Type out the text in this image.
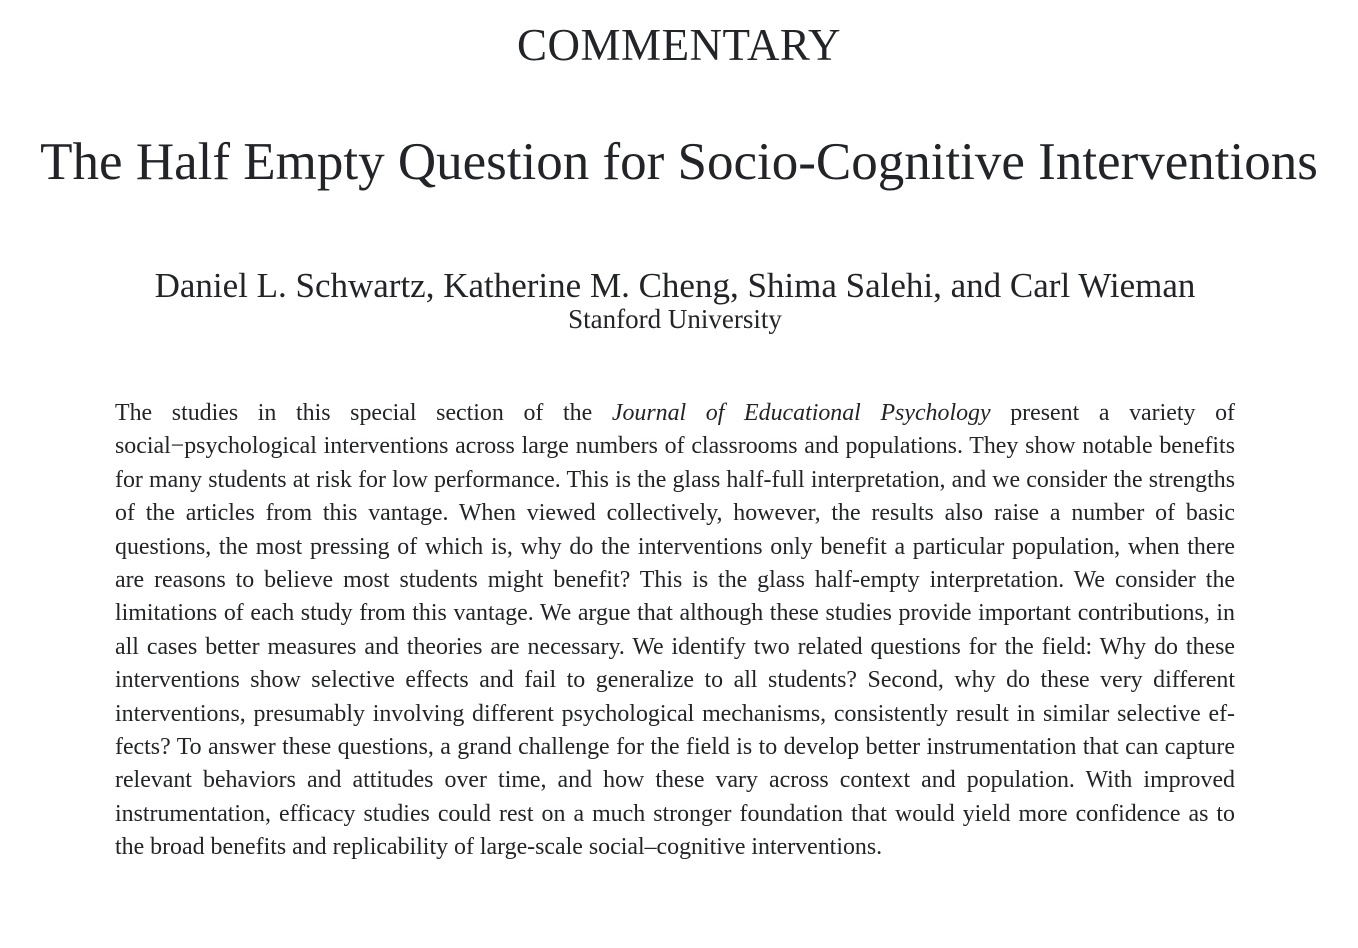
COMMENTARY
The Half Empty Question for Socio-Cognitive Interventions
Daniel L. Schwartz, Katherine M. Cheng, Shima Salehi, and Carl Wieman
Stanford University

The studies in this special section of the Journal of Educational Psychology present a variety of social−psychological interventions across large numbers of classrooms and populations. They show notable benefits for many students at risk for low performance. This is the glass half-full interpretation, and we consider the strengths of the articles from this vantage. When viewed collectively, however, the results also raise a number of basic questions, the most pressing of which is, why do the interventions only benefit a particular population, when there are reasons to believe most students might benefit? This is the glass half-empty interpretation. We consider the limitations of each study from this vantage. We argue that although these studies provide important contributions, in all cases better measures and theories are necessary. We identify two related questions for the field: Why do these interventions show selective effects and fail to generalize to all students? Second, why do these very different interventions, presumably involving different psychological mechanisms, consistently result in similar selective effects? To answer these questions, a grand challenge for the field is to develop better instrumentation that can capture relevant behaviors and attitudes over time, and how these vary across context and population. With improved instrumentation, efficacy studies could rest on a much stronger foundation that would yield more confidence as to the broad benefits and replicability of large-scale social–cognitive interventions.
